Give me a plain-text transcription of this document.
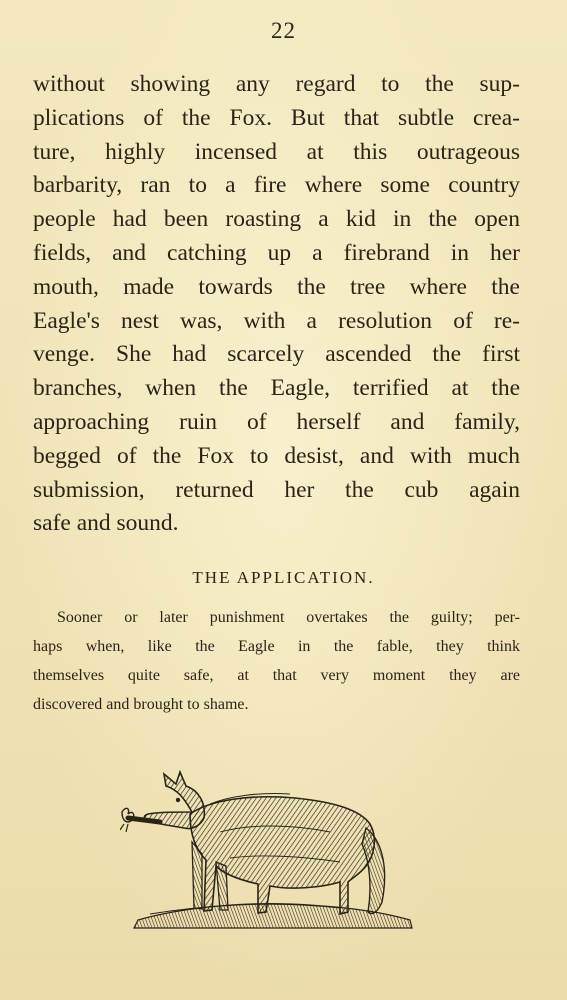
22
without showing any regard to the sup-
plications of the Fox. But that subtle crea-
ture, highly incensed at this outrageous
barbarity, ran to a fire where some country
people had been roasting a kid in the open
fields, and catching up a firebrand in her
mouth, made towards the tree where the
Eagle's nest was, with a resolution of re-
venge. She had scarcely ascended the first
branches, when the Eagle, terrified at the
approaching ruin of herself and family,
begged of the Fox to desist, and with much
submission, returned her the cub again
safe and sound.
THE APPLICATION.
Sooner or later punishment overtakes the guilty; per-
haps when, like the Eagle in the fable, they think
themselves quite safe, at that very moment they are
discovered and brought to shame.
